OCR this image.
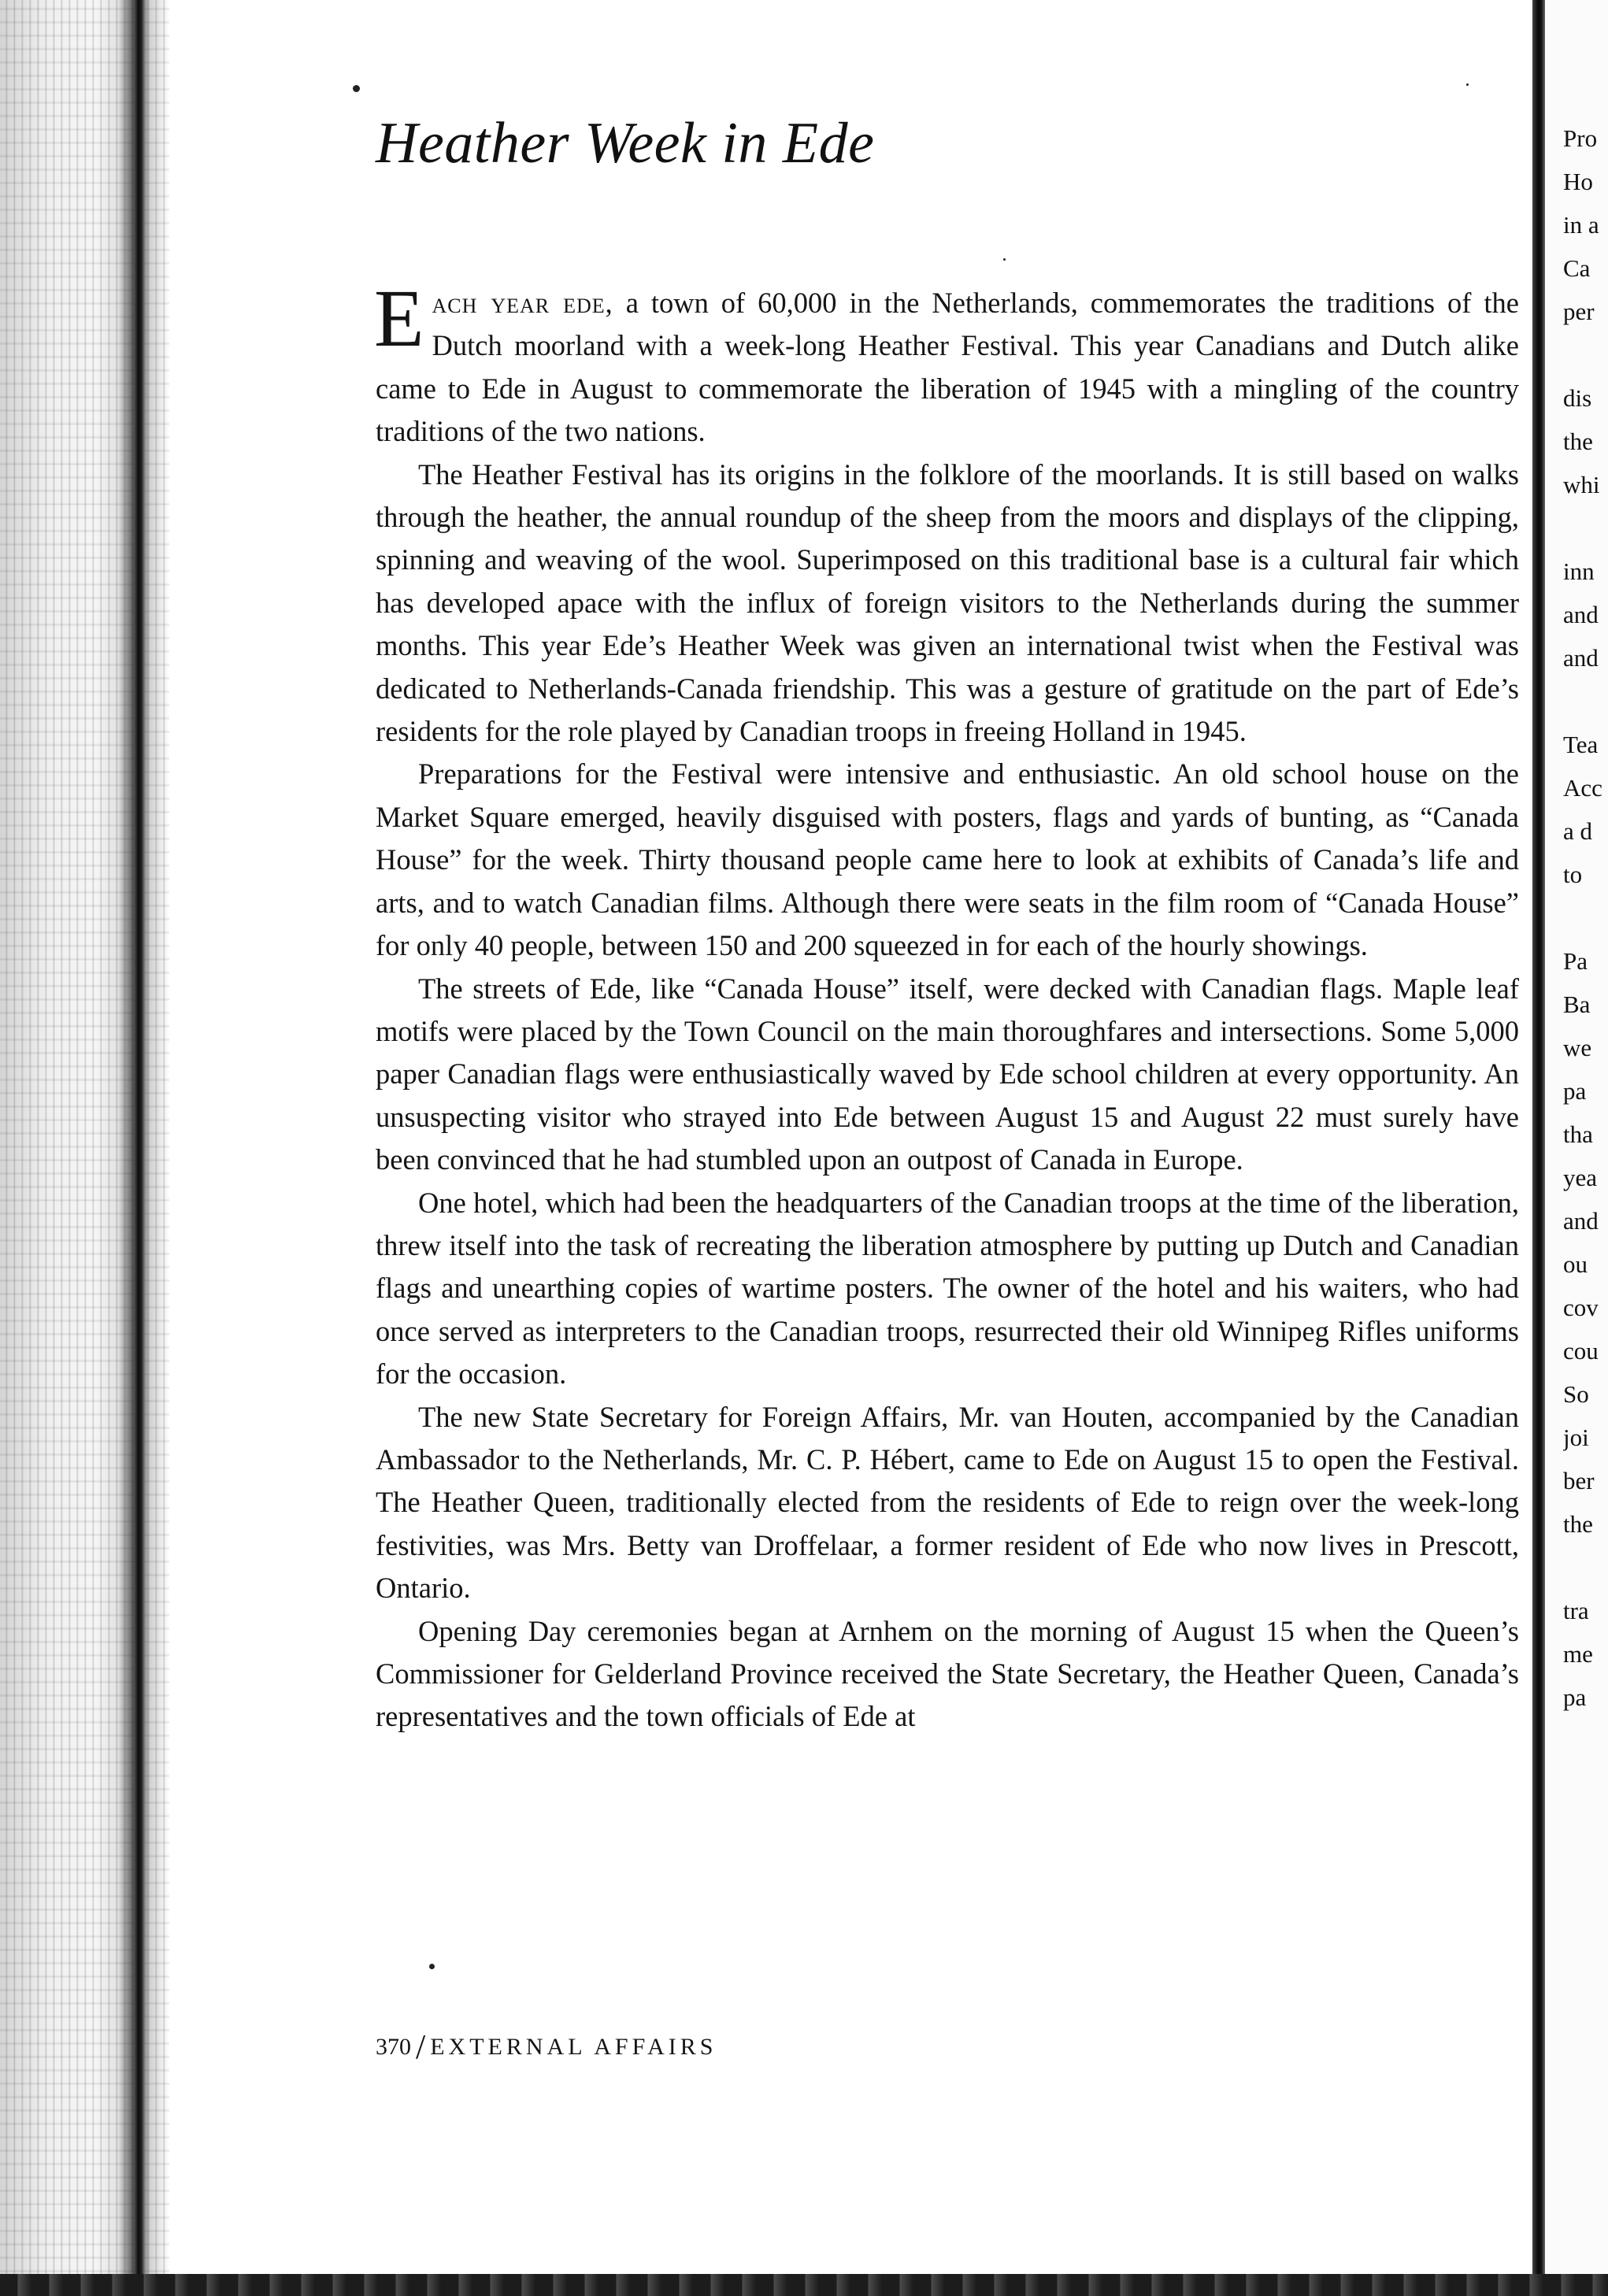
Pro
Ho
in a
Ca
per
dis
the
whi
inn
and
and
Tea
Acc
a d
to
Pa
Ba
we
pa
tha
yea
and
ou
cov
cou
So
joi
ber
the
tra
me
pa
Heather Week in Ede

Each year ede, a town of 60,000 in the Netherlands, commemorates the traditions of the Dutch moorland with a week-long Heather Festival. This year Canadians and Dutch alike came to Ede in August to commemorate the liberation of 1945 with a mingling of the country traditions of the two nations.

The Heather Festival has its origins in the folklore of the moorlands. It is still based on walks through the heather, the annual roundup of the sheep from the moors and displays of the clipping, spinning and weaving of the wool. Superimposed on this traditional base is a cultural fair which has developed apace with the influx of foreign visitors to the Netherlands during the summer months. This year Ede’s Heather Week was given an international twist when the Festival was dedicated to Netherlands-Canada friendship. This was a gesture of gratitude on the part of Ede’s residents for the role played by Canadian troops in freeing Holland in 1945.

Preparations for the Festival were intensive and enthusiastic. An old school house on the Market Square emerged, heavily disguised with posters, flags and yards of bunting, as “Canada House” for the week. Thirty thousand people came here to look at exhibits of Canada’s life and arts, and to watch Canadian films. Although there were seats in the film room of “Canada House” for only 40 people, between 150 and 200 squeezed in for each of the hourly showings.

The streets of Ede, like “Canada House” itself, were decked with Canadian flags. Maple leaf motifs were placed by the Town Council on the main thoroughfares and intersections. Some 5,000 paper Canadian flags were enthusiastically waved by Ede school children at every opportunity. An unsuspecting visitor who strayed into Ede between August 15 and August 22 must surely have been convinced that he had stumbled upon an outpost of Canada in Europe.

One hotel, which had been the headquarters of the Canadian troops at the time of the liberation, threw itself into the task of recreating the liberation atmosphere by putting up Dutch and Canadian flags and unearthing copies of wartime posters. The owner of the hotel and his waiters, who had once served as interpreters to the Canadian troops, resurrected their old Winnipeg Rifles uniforms for the occasion.

The new State Secretary for Foreign Affairs, Mr. van Houten, accompanied by the Canadian Ambassador to the Netherlands, Mr. C. P. Hébert, came to Ede on August 15 to open the Festival. The Heather Queen, traditionally elected from the residents of Ede to reign over the week-long festivities, was Mrs. Betty van Droffelaar, a former resident of Ede who now lives in Prescott, Ontario.

Opening Day ceremonies began at Arnhem on the morning of August 15 when the Queen’s Commissioner for Gelderland Province received the State Secretary, the Heather Queen, Canada’s representatives and the town officials of Ede at

370 / EXTERNAL AFFAIRS
